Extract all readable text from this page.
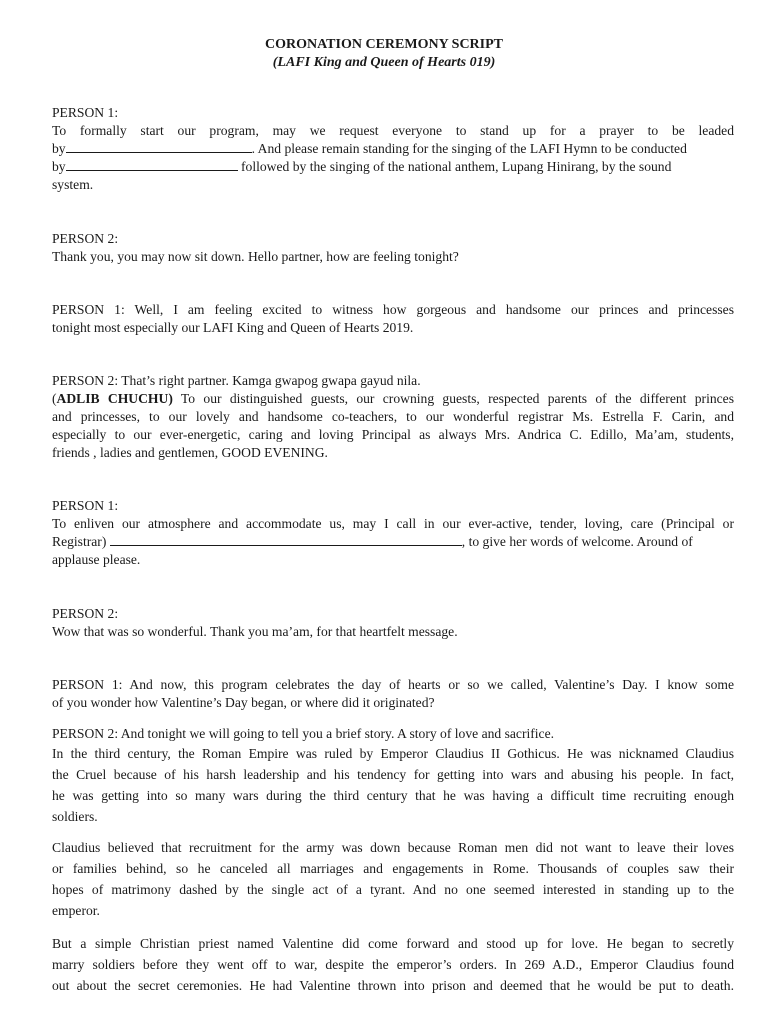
CORONATION CEREMONY SCRIPT
(LAFI King and Queen of Hearts 019)
PERSON 1:
To formally start our program, may we request everyone to stand up for a prayer to be leaded
by	. And please remain standing for the singing of the LAFI Hymn to be conducted
by	followed by the singing of the national anthem, Lupang Hinirang, by the sound
system.
PERSON 2:
Thank you, you may now sit down. Hello partner, how are feeling tonight?
PERSON 1: Well, I am feeling excited to witness how gorgeous and handsome our princes and princesses
tonight most especially our LAFI King and Queen of Hearts 2019.
PERSON 2: That’s right partner. Kamga gwapog gwapa gayud nila.
(ADLIB CHUCHU) To our distinguished guests, our crowning guests, respected parents of the different princes
and princesses, to our lovely and handsome co-teachers, to our wonderful registrar Ms. Estrella F. Carin, and
especially to our ever-energetic, caring and loving Principal as always Mrs. Andrica C. Edillo, Ma’am, students,
friends , ladies and gentlemen, GOOD EVENING.
PERSON 1:
To enliven our atmosphere and accommodate us, may I call in our ever-active, tender, loving, care (Principal or
Registrar)	, to give her words of welcome. Around of
applause please.
PERSON 2:
Wow that was so wonderful. Thank you ma’am, for that heartfelt message.
PERSON 1: And now, this program celebrates the day of hearts or so we called, Valentine’s Day. I know some
of you wonder how Valentine’s Day began, or where did it originated?
PERSON 2: And tonight we will going to tell you a brief story. A story of love and sacrifice.
In the third century, the Roman Empire was ruled by Emperor Claudius II Gothicus. He was nicknamed Claudius
the Cruel because of his harsh leadership and his tendency for getting into wars and abusing his people. In fact,
he was getting into so many wars during the third century that he was having a difficult time recruiting enough
soldiers.
Claudius believed that recruitment for the army was down because Roman men did not want to leave their loves
or families behind, so he canceled all marriages and engagements in Rome. Thousands of couples saw their
hopes of matrimony dashed by the single act of a tyrant. And no one seemed interested in standing up to the
emperor.
But a simple Christian priest named Valentine did come forward and stood up for love. He began to secretly
marry soldiers before they went off to war, despite the emperor’s orders. In 269 A.D., Emperor Claudius found
out about the secret ceremonies. He had Valentine thrown into prison and deemed that he would be put to death.
